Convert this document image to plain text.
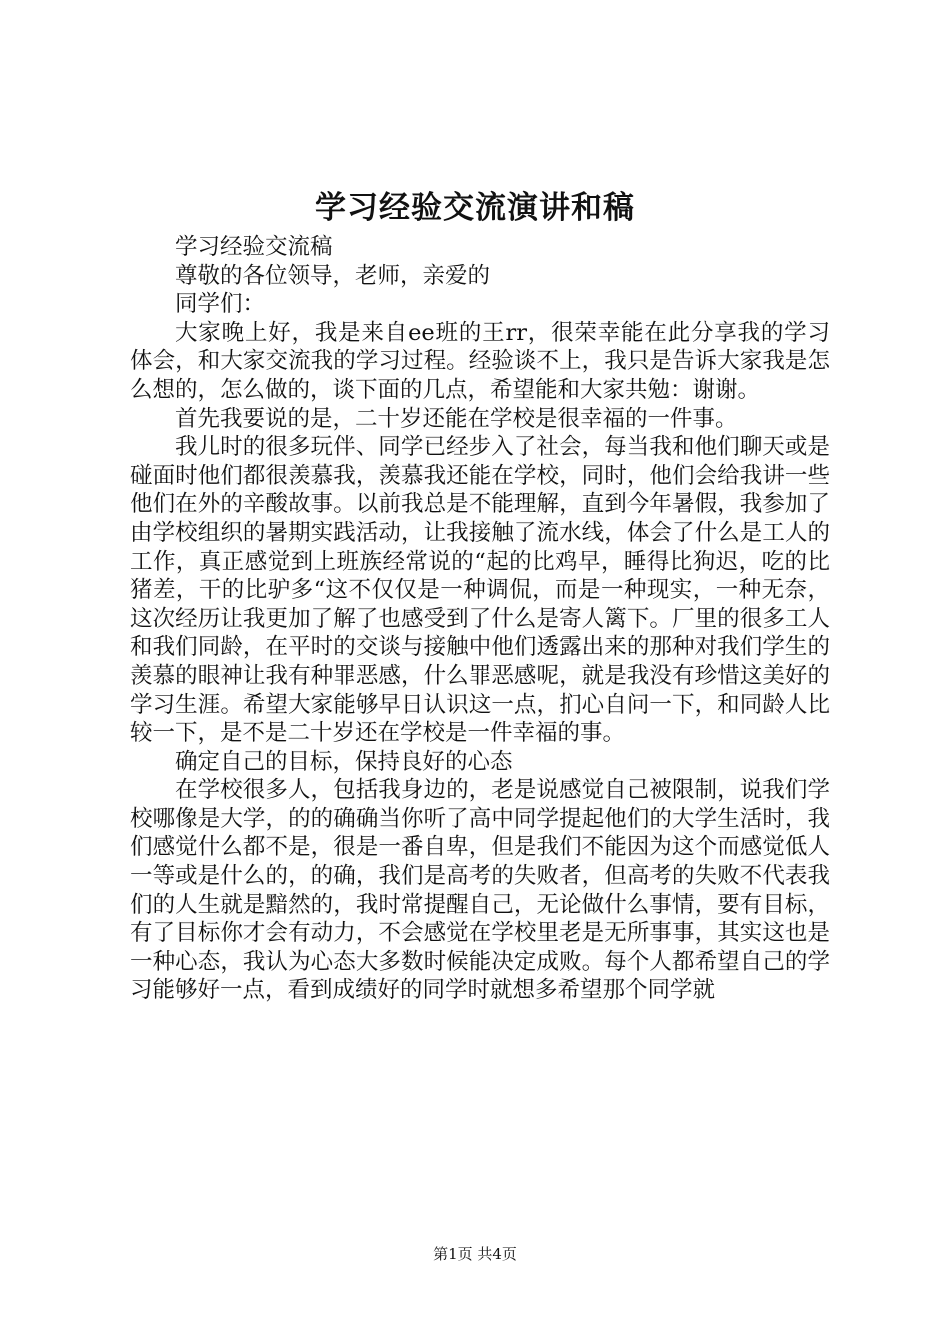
学习经验交流演讲和稿

学习经验交流稿

尊敬的各位领导，老师，亲爱的

同学们：

大家晚上好，我是来自ee班的王rr，很荣幸能在此分享我的学习体会，和大家交流我的学习过程。经验谈不上，我只是告诉大家我是怎么想的，怎么做的，谈下面的几点，希望能和大家共勉：谢谢。

首先我要说的是，二十岁还能在学校是很幸福的一件事。

我儿时的很多玩伴、同学已经步入了社会，每当我和他们聊天或是碰面时他们都很羡慕我，羡慕我还能在学校，同时，他们会给我讲一些他们在外的辛酸故事。以前我总是不能理解，直到今年暑假，我参加了由学校组织的暑期实践活动，让我接触了流水线，体会了什么是工人的工作，真正感觉到上班族经常说的“起的比鸡早，睡得比狗迟，吃的比猪差，干的比驴多“这不仅仅是一种调侃，而是一种现实，一种无奈，这次经历让我更加了解了也感受到了什么是寄人篱下。厂里的很多工人和我们同龄，在平时的交谈与接触中他们透露出来的那种对我们学生的羡慕的眼神让我有种罪恶感，什么罪恶感呢，就是我没有珍惜这美好的学习生涯。希望大家能够早日认识这一点，扪心自问一下，和同龄人比较一下，是不是二十岁还在学校是一件幸福的事。

确定自己的目标，保持良好的心态

在学校很多人，包括我身边的，老是说感觉自己被限制，说我们学校哪像是大学，的的确确当你听了高中同学提起他们的大学生活时，我们感觉什么都不是，很是一番自卑，但是我们不能因为这个而感觉低人一等或是什么的，的确，我们是高考的失败者，但高考的失败不代表我们的人生就是黯然的，我时常提醒自己，无论做什么事情，要有目标，有了目标你才会有动力，不会感觉在学校里老是无所事事，其实这也是一种心态，我认为心态大多数时候能决定成败。每个人都希望自己的学习能够好一点，看到成绩好的同学时就想多希望那个同学就

第1页 共4页
